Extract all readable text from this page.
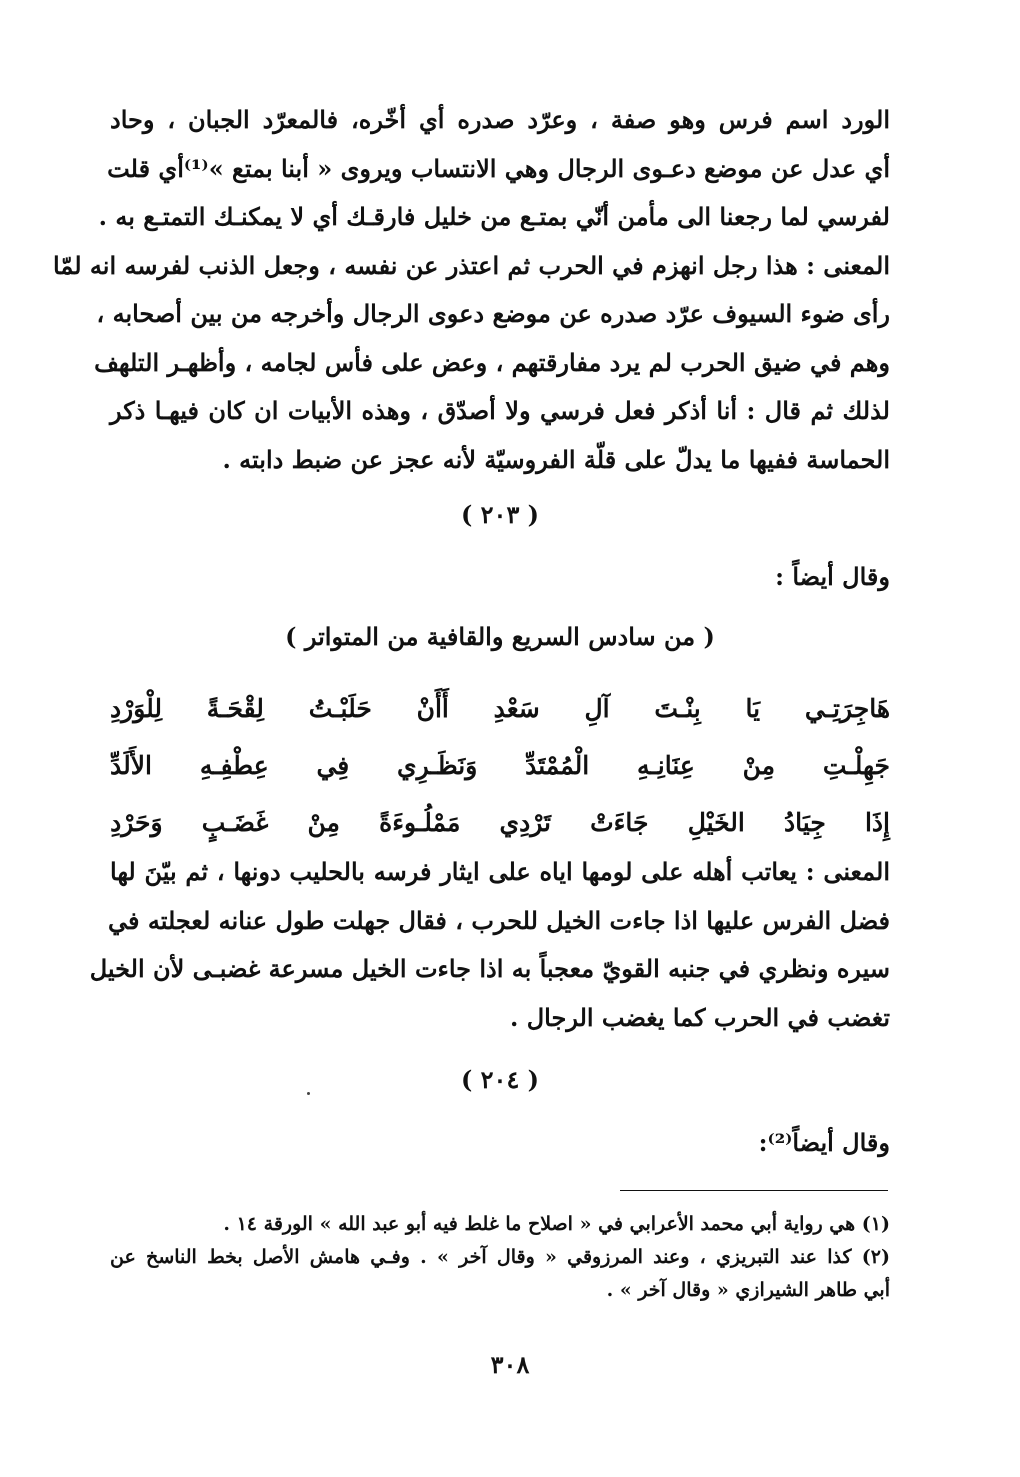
الورد اسم فرس وهو صفة ، وعرّد صدره أي أخّره، فالمعرّد الجبان ، وحاد
أي عدل عن موضع دعـوى الرجال وهي الانتساب ويروى « أبنا بمتع »⁽¹⁾أي قلت
لفرسي لما رجعنا الى مأمن أنّي بمتـع من خليل فارقـك أي لا يمكنـك التمتـع به .
المعنى : هذا رجل انهزم في الحرب ثم اعتذر عن نفسه ، وجعل الذنب لفرسه انه لمّا
رأى ضوء السيوف عرّد صدره عن موضع دعوى الرجال وأخرجه من بين أصحابه ،
وهم في ضيق الحرب لم يرد مفارقتهم ، وعض على فأس لجامه ، وأظهـر التلهف
لذلك ثم قال : أنا أذكر فعل فرسي ولا أصدّق ، وهذه الأبيات ان كان فيهـا ذكر
الحماسة ففيها ما يدلّ على قلّة الفروسيّة لأنه عجز عن ضبط دابته .
( ٢٠٣ )
وقال أيضاً :
( من سادس السريع والقافية من المتواتر )
هَاجِرَتِـي
يَا
بِنْـتَ
آلِ
سَعْدِ
أَأَنْ
حَلَبْـتُ
لِقْحَـةً
لِلْوَرْدِ
جَهِلْـتِ
مِنْ
عِنَانِـهِ
الْمُمْتَدِّ
وَنَظَـرِي
فِي
عِطْفِـهِ
الأَلَدِّ
إِذَا
جِيَادُ
الخَيْلِ
جَاءَتْ
تَرْدِي
مَمْلُـوءَةً
مِنْ
غَضَـبٍ
وَحَرْدِ
المعنى : يعاتب أهله على لومها اياه على ايثار فرسه بالحليب دونها ، ثم بيّنَ لها
فضل الفرس عليها اذا جاءت الخيل للحرب ، فقال جهلت طول عنانه لعجلته في
سيره ونظري في جنبه القويّ معجباً به اذا جاءت الخيل مسرعة غضبـى لأن الخيل
تغضب في الحرب كما يغضب الرجال .
( ٢٠٤ )
وقال أيضاً⁽²⁾:
(١) هي رواية أبي محمد الأعرابي في « اصلاح ما غلط فيه أبو عبد الله » الورقة ١٤ .
(٢) كذا عند التبريزي ، وعند المرزوقي « وقال آخر » . وفـي هامش الأصل بخط الناسخ عن
أبي طاهر الشيرازي « وقال آخر » .
٣٠٨
